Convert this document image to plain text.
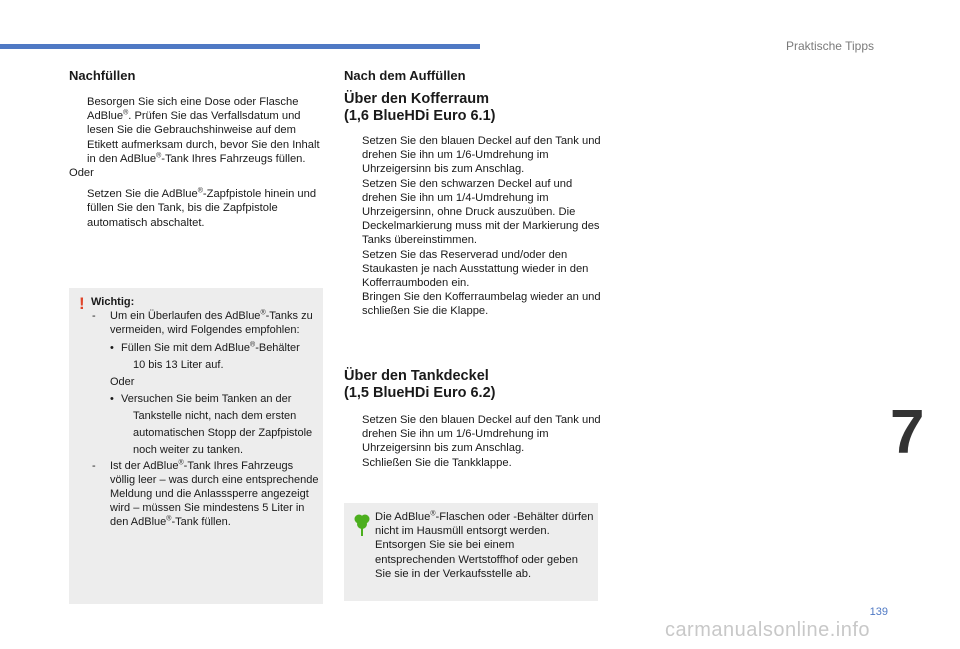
Praktische Tipps
7
139
carmanualsonline.info
Nachfüllen
Besorgen Sie sich eine Dose oder Flasche AdBlue®. Prüfen Sie das Verfallsdatum und lesen Sie die Gebrauchshinweise auf dem Etikett aufmerksam durch, bevor Sie den Inhalt in den AdBlue®-Tank Ihres Fahrzeugs füllen.

Oder

Setzen Sie die AdBlue®-Zapfpistole hinein und füllen Sie den Tank, bis die Zapfpistole automatisch abschaltet.
! Wichtig:

- Um ein Überlaufen des AdBlue®-Tanks zu vermeiden, wird Folgendes empfohlen:
• Füllen Sie mit dem AdBlue®-Behälter
10 bis 13 Liter auf.

Oder

• Versuchen Sie beim Tanken an der
Tankstelle nicht, nach dem ersten automatischen Stopp der Zapfpistole noch weiter zu tanken.
- Ist der AdBlue®-Tank Ihres Fahrzeugs völlig leer – was durch eine entsprechende Meldung und die Anlasssperre angezeigt wird – müssen Sie mindestens 5 Liter in den AdBlue®-Tank füllen.
Nach dem Auffüllen
Über den Kofferraum
(1,6 BlueHDi Euro 6.1)
Setzen Sie den blauen Deckel auf den Tank und drehen Sie ihn um 1/6-Umdrehung im Uhrzeigersinn bis zum Anschlag.
Setzen Sie den schwarzen Deckel auf und drehen Sie ihn um 1/4-Umdrehung im Uhrzeigersinn, ohne Druck auszuüben. Die Deckelmarkierung muss mit der Markierung des Tanks übereinstimmen.
Setzen Sie das Reserverad und/oder den Staukasten je nach Ausstattung wieder in den Kofferraumboden ein.
Bringen Sie den Kofferraumbelag wieder an und schließen Sie die Klappe.
Über den Tankdeckel
(1,5 BlueHDi Euro 6.2)
Setzen Sie den blauen Deckel auf den Tank und drehen Sie ihn um 1/6-Umdrehung im Uhrzeigersinn bis zum Anschlag.
Schließen Sie die Tankklappe.

Die AdBlue®-Flaschen oder -Behälter dürfen nicht im Hausmüll entsorgt werden.

Entsorgen Sie sie bei einem entsprechenden Wertstoffhof oder geben Sie sie in der Verkaufsstelle ab.
